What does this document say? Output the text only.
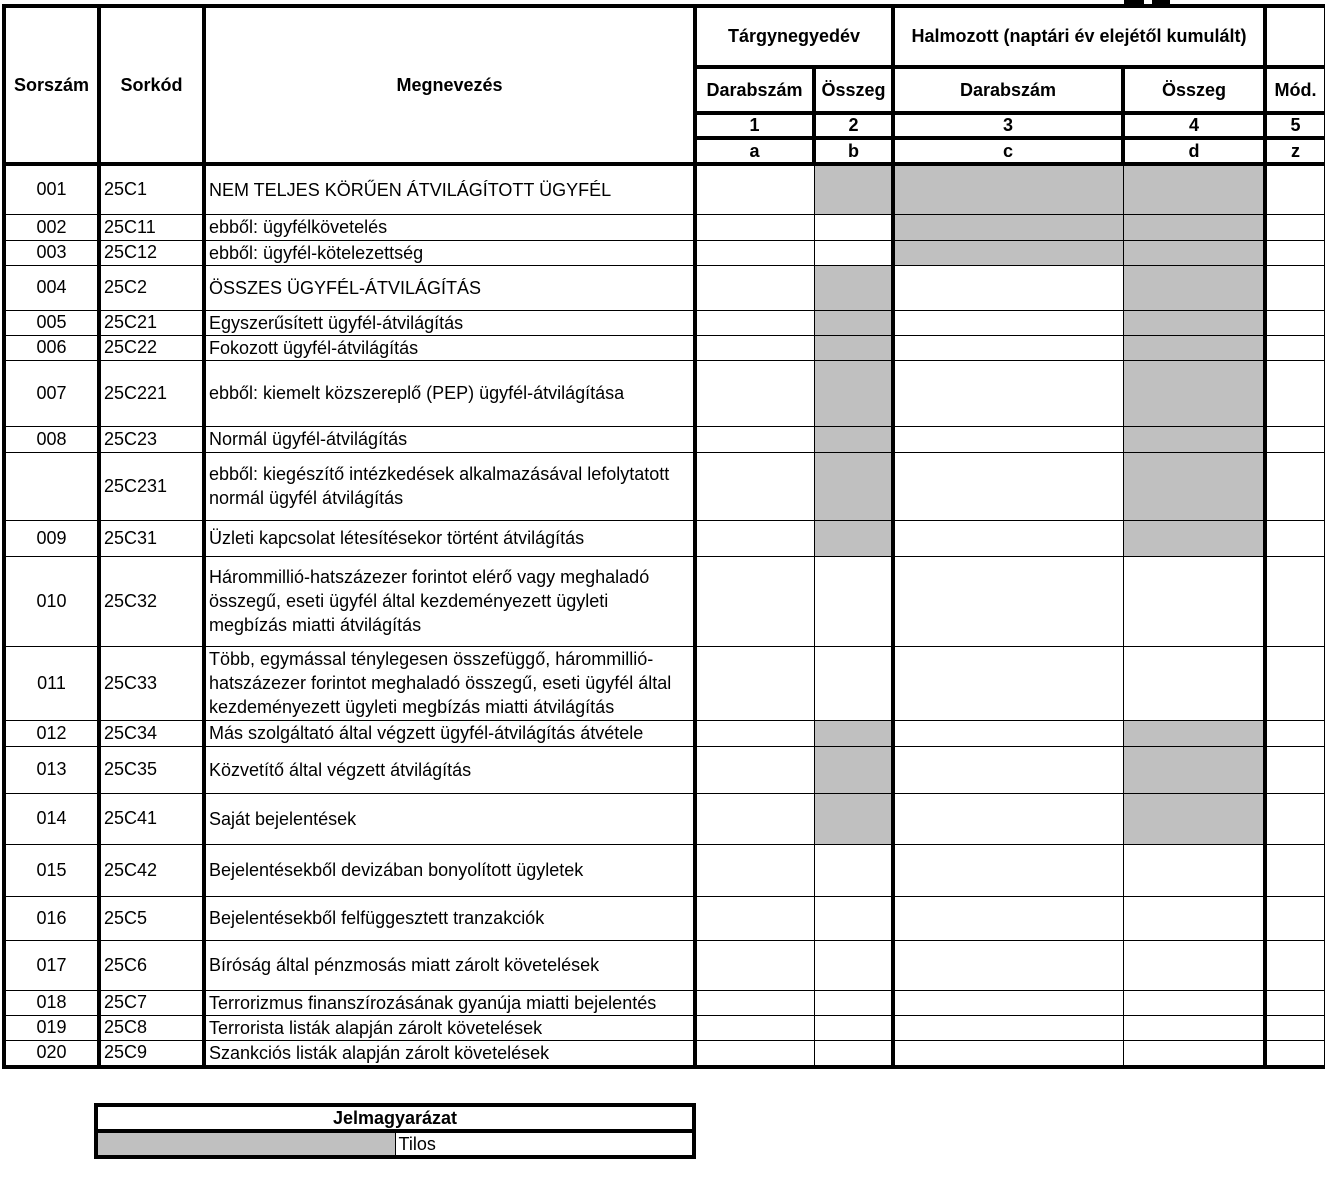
Sorszám	Sorkód	Megnevezés	Tárgynegyedév		Halmozott (naptári év elejétől kumulált)		
			Darabszám	Összeg	Darabszám	Összeg	Mód.
			1	2	3	4	5
			a	b	c	d	z
001	25C1	NEM TELJES KÖRŰEN ÁTVILÁGÍTOTT ÜGYFÉL					
002	25C11	ebből: ügyfélkövetelés					
003	25C12	ebből: ügyfél-kötelezettség					
004	25C2	ÖSSZES ÜGYFÉL-ÁTVILÁGÍTÁS					
005	25C21	Egyszerűsített ügyfél-átvilágítás					
006	25C22	Fokozott ügyfél-átvilágítás					
007	25C221	ebből: kiemelt közszereplő (PEP) ügyfél-átvilágítása					
008	25C23	Normál ügyfél-átvilágítás					
	25C231	ebből: kiegészítő intézkedések alkalmazásával lefolytatott normál ügyfél átvilágítás					
009	25C31	Üzleti kapcsolat létesítésekor történt átvilágítás					
010	25C32	Hárommillió-hatszázezer forintot elérő vagy meghaladó összegű, eseti ügyfél által kezdeményezett ügyleti megbízás miatti átvilágítás					
011	25C33	Több, egymással ténylegesen összefüggő, hárommillió-hatszázezer forintot meghaladó összegű, eseti ügyfél által kezdeményezett ügyleti megbízás miatti átvilágítás					
012	25C34	Más szolgáltató által végzett ügyfél-átvilágítás átvétele					
013	25C35	Közvetítő által végzett átvilágítás					
014	25C41	Saját bejelentések					
015	25C42	Bejelentésekből devizában bonyolított ügyletek					
016	25C5	Bejelentésekből felfüggesztett tranzakciók					
017	25C6	Bíróság által pénzmosás miatt zárolt követelések					
018	25C7	Terrorizmus finanszírozásának gyanúja miatti bejelentés					
019	25C8	Terrorista listák alapján zárolt követelések					
020	25C9	Szankciós listák alapján zárolt követelések					
Jelmagyarázat
	Tilos
